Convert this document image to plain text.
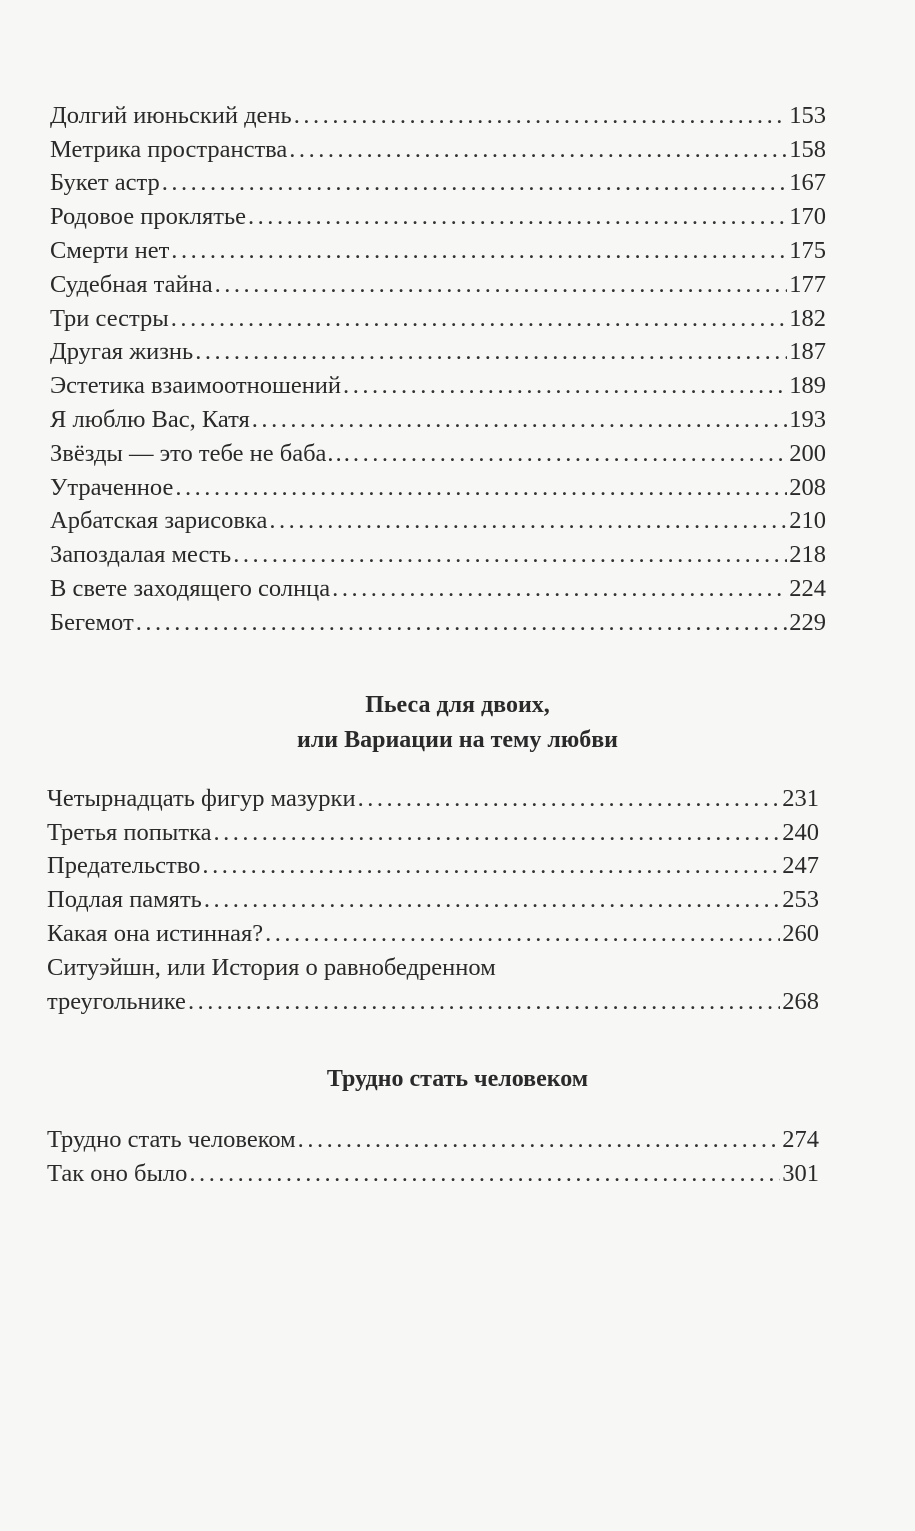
Долгий июньский день . . .	153
Метрика пространства . . .	158
Букет астр . . .	167
Родовое проклятье . . .	170
Смерти нет . . .	175
Судебная тайна . . .	177
Три сестры . . .	182
Другая жизнь . . .	187
Эстетика взаимоотношений . . .	189
Я люблю Вас, Катя . . .	193
Звёзды — это тебе не баба… . . .	200
Утраченное . . .	208
Арбатская зарисовка . . .	210
Запоздалая месть . . .	218
В свете заходящего солнца . . .	224
Бегемот . . .	229
Пьеса для двоих,
или Вариации на тему любви
Четырнадцать фигур мазурки . . .	231
Третья попытка . . .	240
Предательство . . .	247
Подлая память . . .	253
Какая она истинная? . . .	260
Ситуэйшн, или История о равнобедренном
треугольнике . . .	268
Трудно стать человеком
Трудно стать человеком . . .	274
Так оно было . . .	301
